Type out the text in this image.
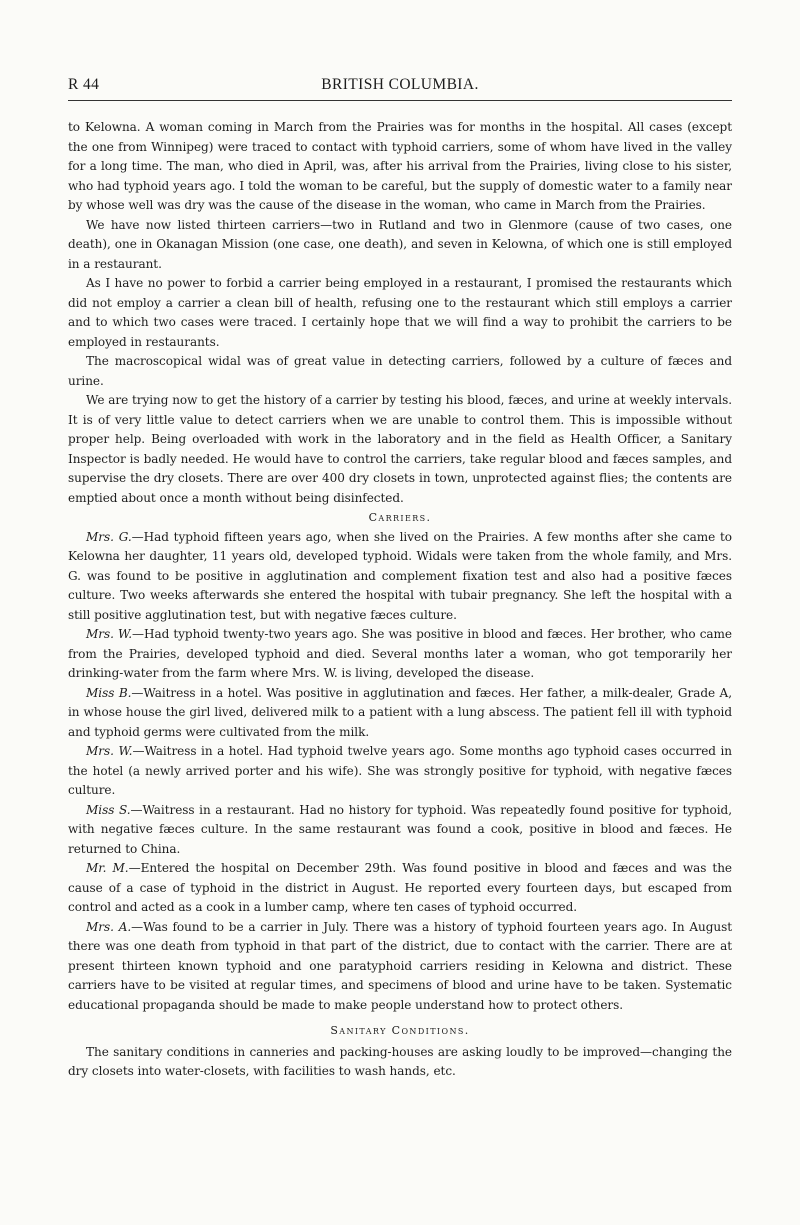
R 44	BRITISH COLUMBIA.

to Kelowna. A woman coming in March from the Prairies was for months in the hospital. All cases (except the one from Winnipeg) were traced to contact with typhoid carriers, some of whom have lived in the valley for a long time. The man, who died in April, was, after his arrival from the Prairies, living close to his sister, who had typhoid years ago. I told the woman to be careful, but the supply of domestic water to a family near by whose well was dry was the cause of the disease in the woman, who came in March from the Prairies.

We have now listed thirteen carriers—two in Rutland and two in Glenmore (cause of two cases, one death), one in Okanagan Mission (one case, one death), and seven in Kelowna, of which one is still employed in a restaurant.

As I have no power to forbid a carrier being employed in a restaurant, I promised the restaurants which did not employ a carrier a clean bill of health, refusing one to the restaurant which still employs a carrier and to which two cases were traced. I certainly hope that we will find a way to prohibit the carriers to be employed in restaurants.

The macroscopical widal was of great value in detecting carriers, followed by a culture of fæces and urine.

We are trying now to get the history of a carrier by testing his blood, fæces, and urine at weekly intervals. It is of very little value to detect carriers when we are unable to control them. This is impossible without proper help. Being overloaded with work in the laboratory and in the field as Health Officer, a Sanitary Inspector is badly needed. He would have to control the carriers, take regular blood and fæces samples, and supervise the dry closets. There are over 400 dry closets in town, unprotected against flies; the contents are emptied about once a month without being disinfected.

Carriers.

Mrs. G.—Had typhoid fifteen years ago, when she lived on the Prairies. A few months after she came to Kelowna her daughter, 11 years old, developed typhoid. Widals were taken from the whole family, and Mrs. G. was found to be positive in agglutination and complement fixation test and also had a positive fæces culture. Two weeks afterwards she entered the hospital with tubair pregnancy. She left the hospital with a still positive agglutination test, but with negative fæces culture.

Mrs. W.—Had typhoid twenty-two years ago. She was positive in blood and fæces. Her brother, who came from the Prairies, developed typhoid and died. Several months later a woman, who got temporarily her drinking-water from the farm where Mrs. W. is living, developed the disease.

Miss B.—Waitress in a hotel. Was positive in agglutination and fæces. Her father, a milk-dealer, Grade A, in whose house the girl lived, delivered milk to a patient with a lung abscess. The patient fell ill with typhoid and typhoid germs were cultivated from the milk.

Mrs. W.—Waitress in a hotel. Had typhoid twelve years ago. Some months ago typhoid cases occurred in the hotel (a newly arrived porter and his wife). She was strongly positive for typhoid, with negative fæces culture.

Miss S.—Waitress in a restaurant. Had no history for typhoid. Was repeatedly found positive for typhoid, with negative fæces culture. In the same restaurant was found a cook, positive in blood and fæces. He returned to China.

Mr. M.—Entered the hospital on December 29th. Was found positive in blood and fæces and was the cause of a case of typhoid in the district in August. He reported every fourteen days, but escaped from control and acted as a cook in a lumber camp, where ten cases of typhoid occurred.

Mrs. A.—Was found to be a carrier in July. There was a history of typhoid fourteen years ago. In August there was one death from typhoid in that part of the district, due to contact with the carrier. There are at present thirteen known typhoid and one paratyphoid carriers residing in Kelowna and district. These carriers have to be visited at regular times, and specimens of blood and urine have to be taken. Systematic educational propaganda should be made to make people understand how to protect others.

Sanitary Conditions.

The sanitary conditions in canneries and packing-houses are asking loudly to be improved—changing the dry closets into water-closets, with facilities to wash hands, etc.
